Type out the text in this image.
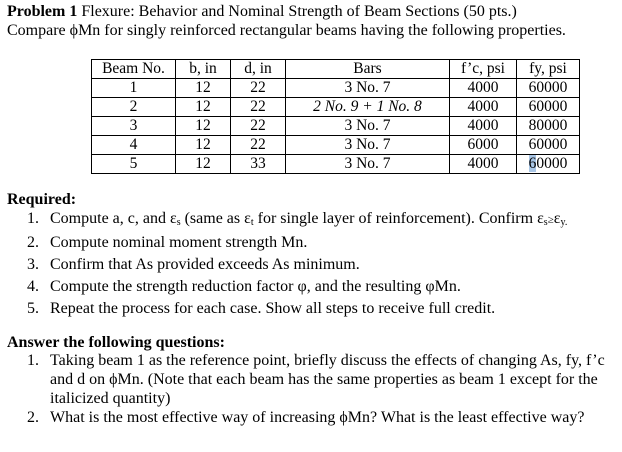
Problem 1 Flexure: Behavior and Nominal Strength of Beam Sections (50 pts.)
Compare ϕMn for singly reinforced rectangular beams having the following properties.
Beam No.	b, in	d, in	Bars	f’c, psi	fy, psi
1	12	22	3 No. 7	4000	60000
2	12	22	2 No. 9 + 1 No. 8	4000	60000
3	12	22	3 No. 7	4000	80000
4	12	22	3 No. 7	6000	60000
5	12	33	3 No. 7	4000	60000
Required:
1. Compute a, c, and $\varepsilon_s$ (same as $\varepsilon_t$ for single layer of reinforcement). Confirm $\varepsilon_s\ge\varepsilon_{y.}$
2. Compute nominal moment strength Mn.
3. Confirm that As provided exceeds As minimum.
4. Compute the strength reduction factor φ, and the resulting φMn.
5. Repeat the process for each case. Show all steps to receive full credit.
Answer the following questions:
1. Taking beam 1 as the reference point, briefly discuss the effects of changing As, fy, f’c
and d on ϕMn. (Note that each beam has the same properties as beam 1 except for the
italicized quantity)
2. What is the most effective way of increasing ϕMn? What is the least effective way?
